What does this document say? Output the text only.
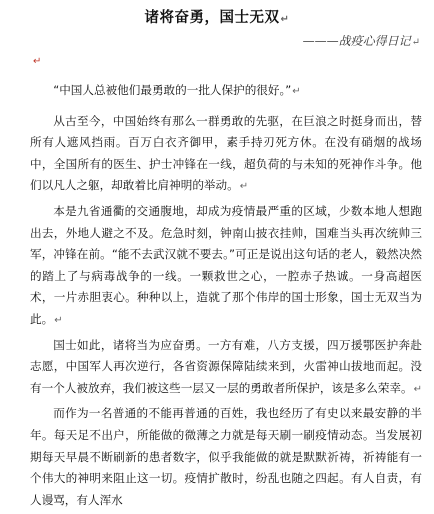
诸将奋勇，国士无双↵
———战疫心得日记↵
↵

“中国人总被他们最勇敢的一批人保护的很好。”↵

从古至今，中国始终有那么一群勇敢的先驱，在巨浪之时挺身而出，替所有人遮风挡雨。百万白衣齐御甲，素手持刃死方休。在没有硝烟的战场中，全国所有的医生、护士冲锋在一线，超负荷的与未知的死神作斗争。他们以凡人之躯，却敢着比肩神明的举动。↵

本是九省通衢的交通腹地，却成为疫情最严重的区域，少数本地人想跑出去，外地人避之不及。危急时刻，钟南山披衣挂帅，国难当头再次统帅三军，冲锋在前。“能不去武汉就不要去。”可正是说出这句话的老人，毅然决然的踏上了与病毒战争的一线。一颗救世之心，一腔赤子热诚。一身高超医术，一片赤胆衷心。种种以上，造就了那个伟岸的国士形象，国士无双当为此。↵

国士如此，诸将当为应奋勇。一方有难，八方支援，四万援鄂医护奔赴志愿，中国军人再次逆行，各省资源保障陆续来到，火雷神山拔地而起。没有一个人被放弃，我们被这些一层又一层的勇敢者所保护，该是多么荣幸。↵

而作为一名普通的不能再普通的百姓，我也经历了有史以来最安静的半年。每天足不出户，所能做的微薄之力就是每天刷一刷疫情动态。当发展初期每天早晨不断刷新的患者数字，似乎我能做的就是默默祈祷，祈祷能有一个伟大的神明来阻止这一切。疫情扩散时，纷乱也随之四起。有人自责，有人谩骂，有人浑水
